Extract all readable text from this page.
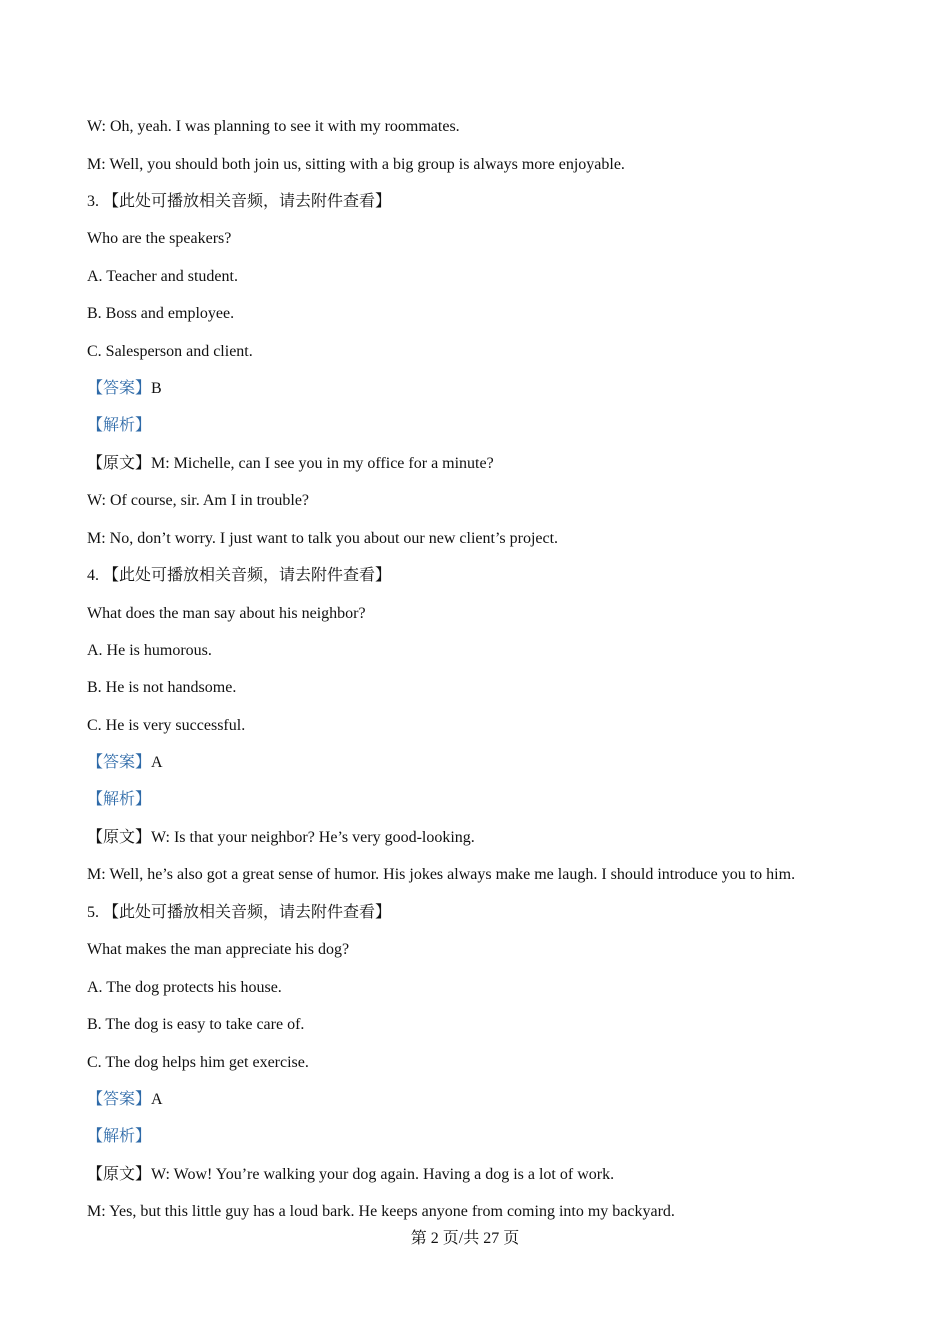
W: Oh, yeah. I was planning to see it with my roommates.
M: Well, you should both join us, sitting with a big group is always more enjoyable.
3. 【此处可播放相关音频，请去附件查看】
Who are the speakers?
A. Teacher and student.
B. Boss and employee.
C. Salesperson and client.
【答案】B
【解析】
【原文】M: Michelle, can I see you in my office for a minute?
W: Of course, sir. Am I in trouble?
M: No, don’t worry. I just want to talk you about our new client’s project.
4. 【此处可播放相关音频，请去附件查看】
What does the man say about his neighbor?
A. He is humorous.
B. He is not handsome.
C. He is very successful.
【答案】A
【解析】
【原文】W: Is that your neighbor? He’s very good-looking.
M: Well, he’s also got a great sense of humor. His jokes always make me laugh. I should introduce you to him.
5. 【此处可播放相关音频，请去附件查看】
What makes the man appreciate his dog?
A. The dog protects his house.
B. The dog is easy to take care of.
C. The dog helps him get exercise.
【答案】A
【解析】
【原文】W: Wow! You’re walking your dog again. Having a dog is a lot of work.
M: Yes, but this little guy has a loud bark. He keeps anyone from coming into my backyard.
第 2 页/共 27 页
